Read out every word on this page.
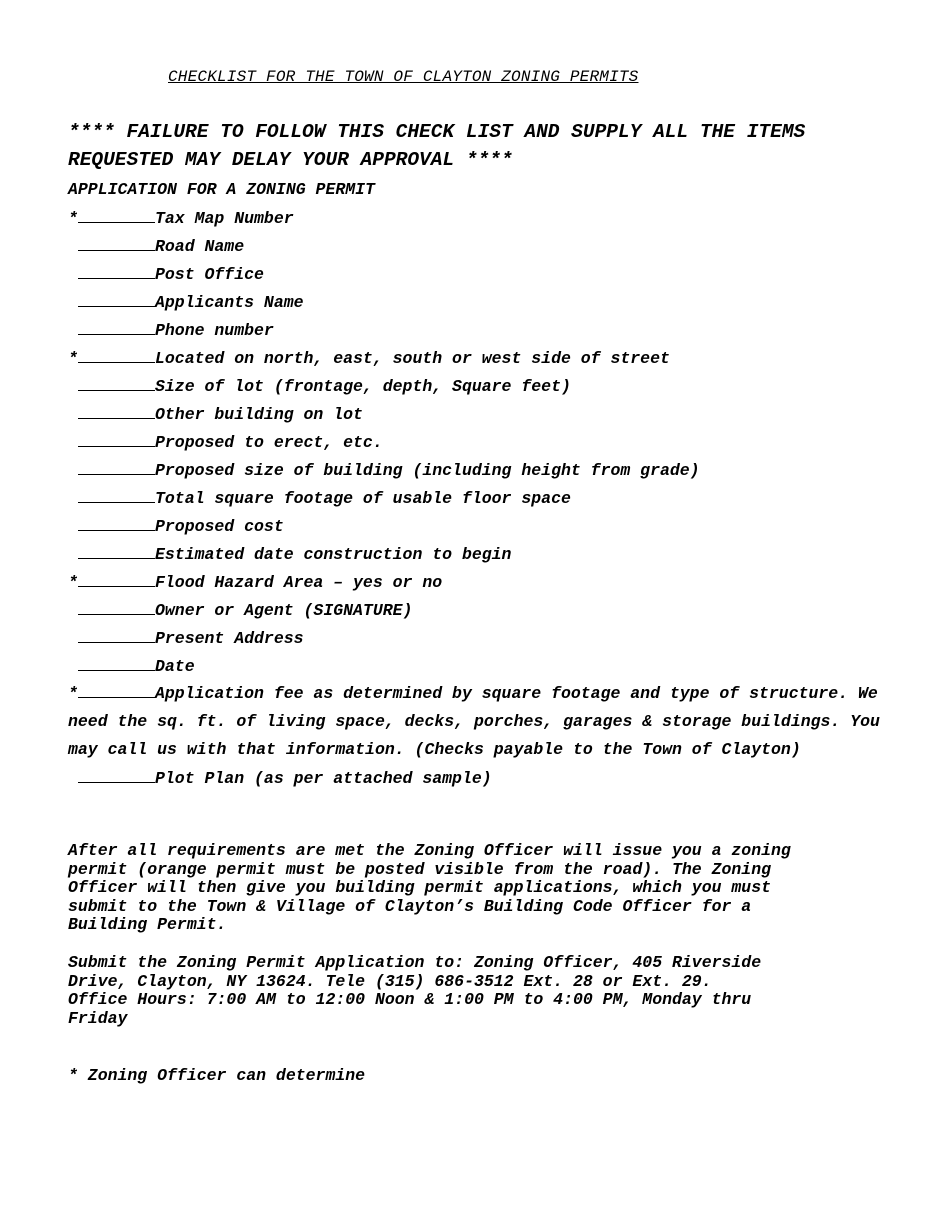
CHECKLIST FOR THE TOWN OF CLAYTON ZONING PERMITS
**** FAILURE TO FOLLOW THIS CHECK LIST AND SUPPLY ALL THE ITEMS REQUESTED MAY DELAY YOUR APPROVAL ****
APPLICATION FOR A ZONING PERMIT
*	Tax Map Number
Road Name
Post Office
Applicants Name
Phone number
*	Located on north, east, south or west side of street
Size of lot (frontage, depth, Square feet)
Other building on lot
Proposed to erect, etc.
Proposed size of building (including height from grade)
Total square footage of usable floor space
Proposed cost
Estimated date construction to begin
*	Flood Hazard Area – yes or no
Owner or Agent (SIGNATURE)
Present Address
Date
*	Application fee as determined by square footage and type of structure. We need the sq. ft. of living space, decks, porches, garages & storage buildings. You may call us with that information. (Checks payable to the Town of Clayton)
Plot Plan (as per attached sample)

After all requirements are met the Zoning Officer will issue you a zoning
permit (orange permit must be posted visible from the road). The Zoning
Officer will then give you building permit applications, which you must
submit to the Town & Village of Clayton’s Building Code Officer for a
Building Permit.

Submit the Zoning Permit Application to: Zoning Officer, 405 Riverside
Drive, Clayton, NY 13624. Tele (315) 686-3512 Ext. 28 or Ext. 29.
Office Hours: 7:00 AM to 12:00 Noon & 1:00 PM to 4:00 PM, Monday thru
Friday

* Zoning Officer can determine
